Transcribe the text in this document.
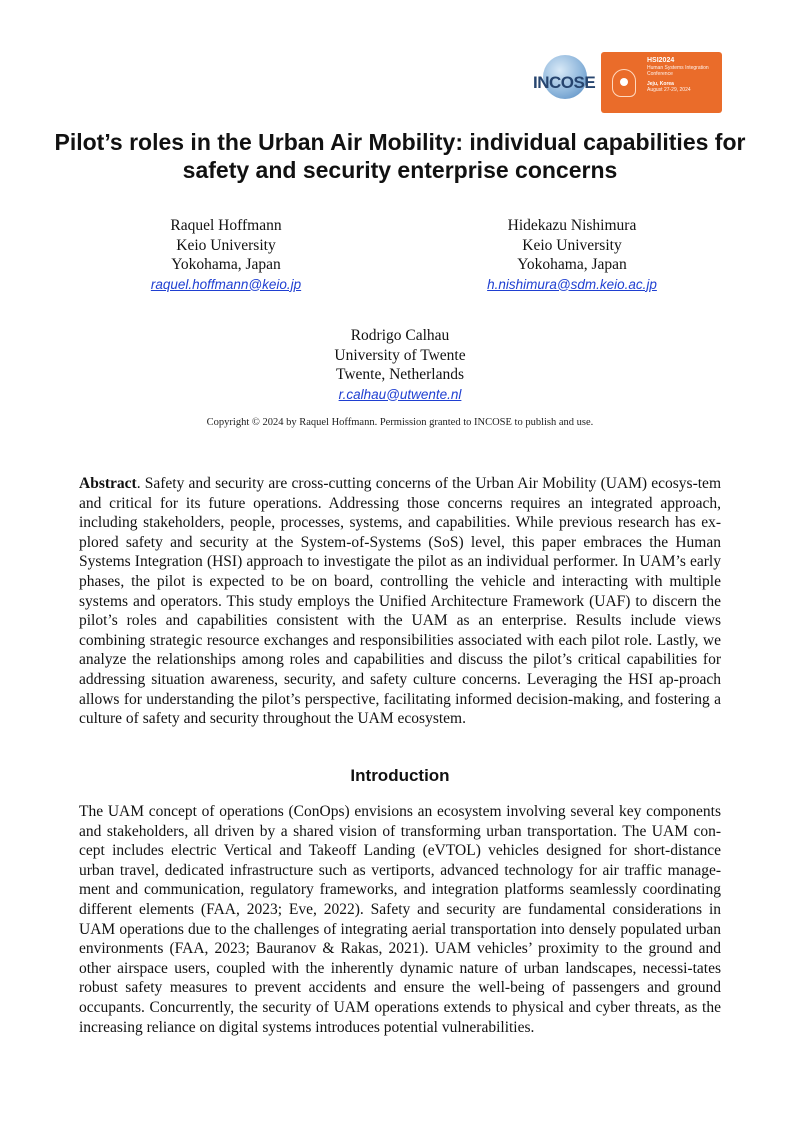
INCOSE
HSI2024
Human Systems Integration
Conference
Jeju, Korea
August 27-29, 2024
Pilot’s roles in the Urban Air Mobility: individual capabilities for safety and security enterprise concerns
Raquel Hoffmann
Keio University
Yokohama, Japan
raquel.hoffmann@keio.jp
Hidekazu Nishimura
Keio University
Yokohama, Japan
h.nishimura@sdm.keio.ac.jp
Rodrigo Calhau
University of Twente
Twente, Netherlands
r.calhau@utwente.nl
Copyright © 2024 by Raquel Hoffmann. Permission granted to INCOSE to publish and use.

Abstract. Safety and security are cross-cutting concerns of the Urban Air Mobility (UAM) ecosys-tem and critical for its future operations. Addressing those concerns requires an integrated approach, including stakeholders, people, processes, systems, and capabilities. While previous research has ex-plored safety and security at the System-of-Systems (SoS) level, this paper embraces the Human Systems Integration (HSI) approach to investigate the pilot as an individual performer. In UAM’s early phases, the pilot is expected to be on board, controlling the vehicle and interacting with multiple systems and operators. This study employs the Unified Architecture Framework (UAF) to discern the pilot’s roles and capabilities consistent with the UAM as an enterprise. Results include views combining strategic resource exchanges and responsibilities associated with each pilot role. Lastly, we analyze the relationships among roles and capabilities and discuss the pilot’s critical capabilities for addressing situation awareness, security, and safety culture concerns. Leveraging the HSI ap-proach allows for understanding the pilot’s perspective, facilitating informed decision-making, and fostering a culture of safety and security throughout the UAM ecosystem.

Introduction

The UAM concept of operations (ConOps) envisions an ecosystem involving several key components and stakeholders, all driven by a shared vision of transforming urban transportation. The UAM con-cept includes electric Vertical and Takeoff Landing (eVTOL) vehicles designed for short-distance urban travel, dedicated infrastructure such as vertiports, advanced technology for air traffic manage-ment and communication, regulatory frameworks, and integration platforms seamlessly coordinating different elements (FAA, 2023; Eve, 2022). Safety and security are fundamental considerations in UAM operations due to the challenges of integrating aerial transportation into densely populated urban environments (FAA, 2023; Bauranov & Rakas, 2021). UAM vehicles’ proximity to the ground and other airspace users, coupled with the inherently dynamic nature of urban landscapes, necessi-tates robust safety measures to prevent accidents and ensure the well-being of passengers and ground occupants. Concurrently, the security of UAM operations extends to physical and cyber threats, as the increasing reliance on digital systems introduces potential vulnerabilities.
